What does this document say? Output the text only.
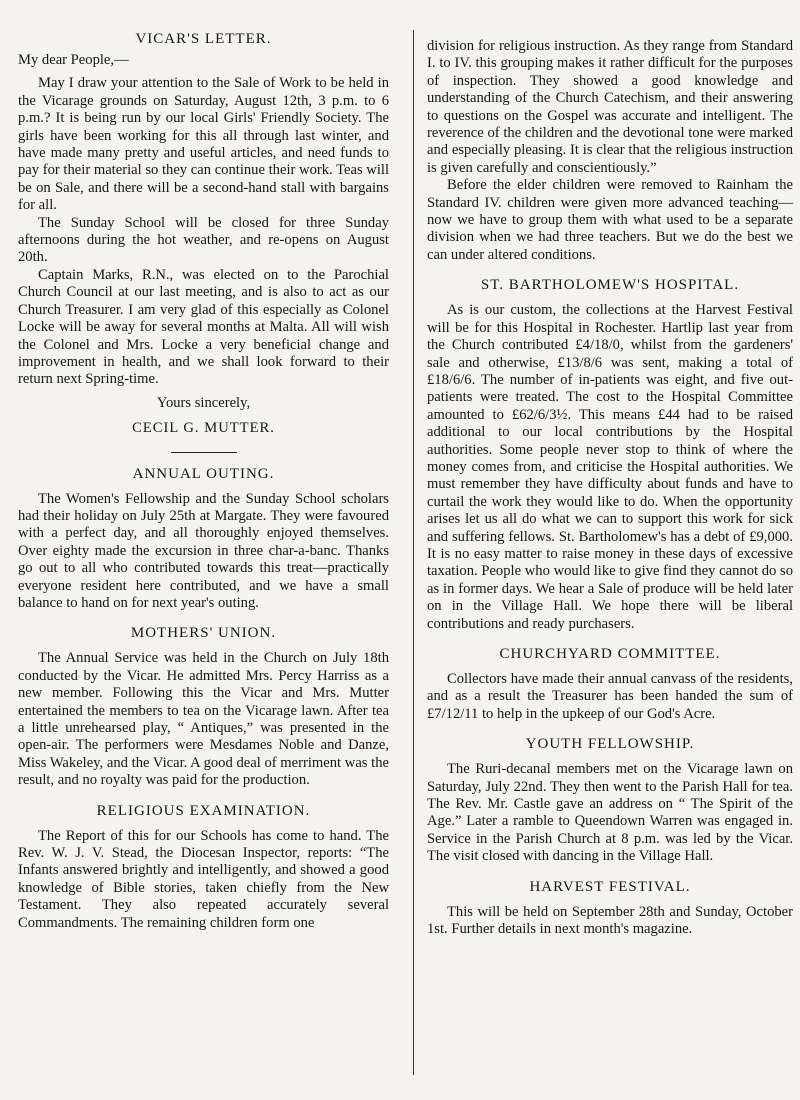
VICAR'S LETTER.

My dear People,—

May I draw your attention to the Sale of Work to be held in the Vicarage grounds on Saturday, August 12th, 3 p.m. to 6 p.m.? It is being run by our local Girls' Friendly Society. The girls have been working for this all through last winter, and have made many pretty and useful articles, and need funds to pay for their material so they can continue their work. Teas will be on Sale, and there will be a second-hand stall with bargains for all.

The Sunday School will be closed for three Sunday afternoons during the hot weather, and re-opens on August 20th.

Captain Marks, R.N., was elected on to the Parochial Church Council at our last meeting, and is also to act as our Church Treasurer. I am very glad of this especially as Colonel Locke will be away for several months at Malta. All will wish the Colonel and Mrs. Locke a very beneficial change and improvement in health, and we shall look forward to their return next Spring-time.

Yours sincerely,

CECIL G. MUTTER.

ANNUAL OUTING.

The Women's Fellowship and the Sunday School scholars had their holiday on July 25th at Margate. They were favoured with a perfect day, and all thoroughly enjoyed themselves. Over eighty made the excursion in three char-a-banc. Thanks go out to all who contributed towards this treat—practically everyone resident here contributed, and we have a small balance to hand on for next year's outing.

MOTHERS' UNION.

The Annual Service was held in the Church on July 18th conducted by the Vicar. He admitted Mrs. Percy Harriss as a new member. Following this the Vicar and Mrs. Mutter entertained the members to tea on the Vicarage lawn. After tea a little unrehearsed play, “ Antiques,” was presented in the open-air. The performers were Mesdames Noble and Danze, Miss Wakeley, and the Vicar. A good deal of merriment was the result, and no royalty was paid for the production.

RELIGIOUS EXAMINATION.

The Report of this for our Schools has come to hand. The Rev. W. J. V. Stead, the Diocesan Inspector, reports: “The Infants answered brightly and intelligently, and showed a good knowledge of Bible stories, taken chiefly from the New Testament. They also repeated accurately several Commandments. The remaining children form one

division for religious instruction. As they range from Standard I. to IV. this grouping makes it rather difficult for the purposes of inspection. They showed a good knowledge and understanding of the Church Catechism, and their answering to questions on the Gospel was accurate and intelligent. The reverence of the children and the devotional tone were marked and especially pleasing. It is clear that the religious instruction is given carefully and conscientiously.”

Before the elder children were removed to Rainham the Standard IV. children were given more advanced teaching—now we have to group them with what used to be a separate division when we had three teachers. But we do the best we can under altered conditions.

ST. BARTHOLOMEW'S HOSPITAL.

As is our custom, the collections at the Harvest Festival will be for this Hospital in Rochester. Hartlip last year from the Church contributed £4/18/0, whilst from the gardeners' sale and otherwise, £13/8/6 was sent, making a total of £18/6/6. The number of in-patients was eight, and five out-patients were treated. The cost to the Hospital Committee amounted to £62/6/3½. This means £44 had to be raised additional to our local contributions by the Hospital authorities. Some people never stop to think of where the money comes from, and criticise the Hospital authorities. We must remember they have difficulty about funds and have to curtail the work they would like to do. When the opportunity arises let us all do what we can to support this work for sick and suffering fellows. St. Bartholomew's has a debt of £9,000. It is no easy matter to raise money in these days of excessive taxation. People who would like to give find they cannot do so as in former days. We hear a Sale of produce will be held later on in the Village Hall. We hope there will be liberal contributions and ready purchasers.

CHURCHYARD COMMITTEE.

Collectors have made their annual canvass of the residents, and as a result the Treasurer has been handed the sum of £7/12/11 to help in the upkeep of our God's Acre.

YOUTH FELLOWSHIP.

The Ruri-decanal members met on the Vicarage lawn on Saturday, July 22nd. They then went to the Parish Hall for tea. The Rev. Mr. Castle gave an address on “ The Spirit of the Age.” Later a ramble to Queendown Warren was engaged in. Service in the Parish Church at 8 p.m. was led by the Vicar. The visit closed with dancing in the Village Hall.

HARVEST FESTIVAL.

This will be held on September 28th and Sunday, October 1st. Further details in next month's magazine.
